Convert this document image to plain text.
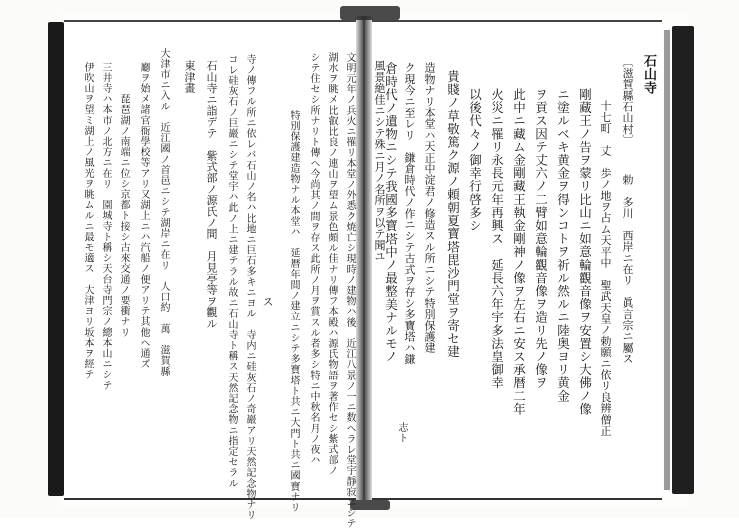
石山寺
〔滋賀縣石山村〕　　　勅　多川　西岸ニ在リ　眞言宗ニ屬ス
十七町　丈　歩ノ地ヲ占ム天平中　聖武天皇ノ勅願ニ依リ良辨僧正
剛藏王ノ告ヲ蒙リ比山ニ如意輪觀音像ヲ安置シ大佛ノ像
ニ塗ルベキ黄金ヲ得ンコトヲ祈ル然ルニ陸奥ヨリ黄金
ヲ貢ス因テ丈六ノ二臂如意輪觀音像ヲ造リ先ノ像ヲ
此中ニ藏ム金剛藏王執金剛神ノ像ヲ左右ニ安ス承暦二年
火災ニ罹リ永長元年再興ス　延長六年宇多法皇御幸
以後代々ノ御幸行啓多シ
貴賤ノ草敬篤ク源ノ頼朝夏寶塔毘沙門堂ヲ寄セ建
造物ナリ本堂ハ天正中淀君ノ修造スル所ニシテ特別保護建
ク現今ニ至レリ　鎌倉時代ノ作ニシテ古式ヲ存シ多寶塔ハ鎌
倉時代ノ遺物ニシテ我國多寶塔中ノ最整美ナルモノ
風景絶佳ニシテ殊ニ月ノ名所ヲ以テ聞ユ
志ト
文明元年ノ兵火ニ罹リ本堂ノ外悉ク焼亡シ現時ノ建物ハ後　近江八景ノ一ニ数ヘラレ堂宇靜寂ニシテ
湖水ヲ眺メ比叡比良ノ連山ヲ望ム景色頗ル佳ナリ傳フ本殿ハ源氏物語ヲ著作セシ紫式部ノ
シテ住セシ所ナリト傳ヘ今尚其ノ間ヲ存ス此所ノ月ヲ賞スル者多シ特ニ中秋名月ノ夜ハ
特別保護建造物ナル本堂ハ　延暦年間ノ建立ニシテ多寶塔ト共ニ大門ト共ニ國寶ナリ
ス
寺ノ傳フル所ニ依レバ石山ノ名ハ比地ニ巨石多キニヨル　寺内ニ硅灰石ノ奇巖アリ天然記念物ナリ
コレ硅灰石ノ巨巖ニシテ堂宇ハ此ノ上ニ建テラル故ニ石山寺ト稱ス天然記念物ニ指定セラル
石山寺ニ詣デテ　紫式部ノ源氏ノ間　月見亭等ヲ觀ル
東津畫
大津市ニ入ル　近江國ノ首邑ニシテ湖岸ニ在リ　人口約　萬　滋賀縣
廳ヲ始メ諸官衙學校等アリ又湖上ニハ汽船ノ便アリテ其他ヘ通ズ
　　　琵琶湖ノ南端ニ位シ京都ト接シ古來交通ノ要衝ナリ
三井寺ハ本市ノ北方ニ在リ　園城寺ト稱シ天台寺門宗ノ總本山ニシテ
伊吹山ヲ望ミ湖上ノ風光ヲ眺ムルニ最モ適ス　大津ヨリ坂本ヲ經テ
